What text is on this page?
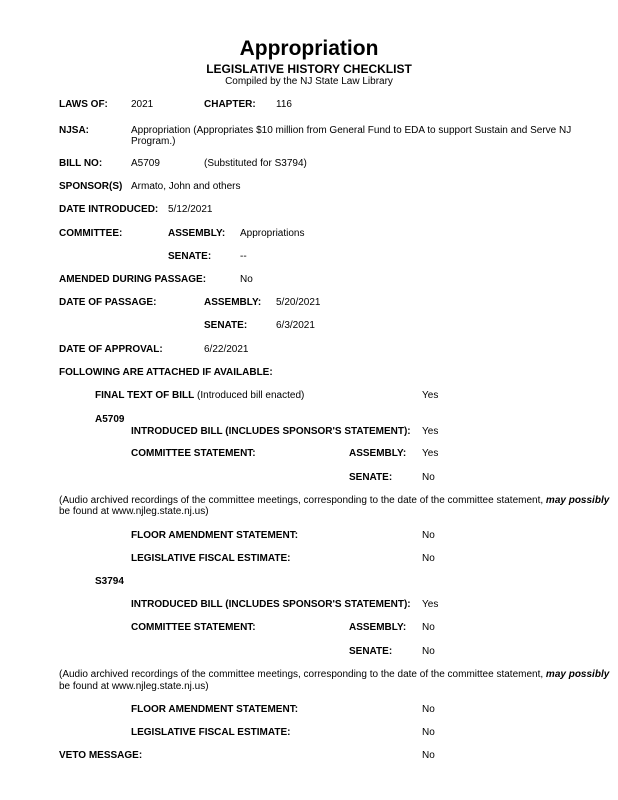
Appropriation
LEGISLATIVE HISTORY CHECKLIST
Compiled by the NJ State Law Library
LAWS OF: 2021	CHAPTER: 116
NJSA:	Appropriation (Appropriates $10 million from General Fund to EDA to support Sustain and Serve NJ
Program.)
BILL NO:	A5709	(Substituted for S3794)
SPONSOR(S) Armato, John and others
DATE INTRODUCED: 5/12/2021
COMMITTEE:	ASSEMBLY: Appropriations
SENATE:	--
AMENDED DURING PASSAGE:	No
DATE OF PASSAGE:	ASSEMBLY: 5/20/2021
SENATE:	6/3/2021
DATE OF APPROVAL:	6/22/2021
FOLLOWING ARE ATTACHED IF AVAILABLE:
FINAL TEXT OF BILL (Introduced bill enacted)	Yes
A5709
INTRODUCED BILL (INCLUDES SPONSOR'S STATEMENT): Yes
COMMITTEE STATEMENT:	ASSEMBLY: Yes
SENATE:	No
(Audio archived recordings of the committee meetings, corresponding to the date of the committee statement, may possibly
be found at www.njleg.state.nj.us)
FLOOR AMENDMENT STATEMENT:	No
LEGISLATIVE FISCAL ESTIMATE:	No
S3794
INTRODUCED BILL (INCLUDES SPONSOR'S STATEMENT): Yes
COMMITTEE STATEMENT:	ASSEMBLY: No
SENATE:	No
(Audio archived recordings of the committee meetings, corresponding to the date of the committee statement, may possibly
be found at www.njleg.state.nj.us)
FLOOR AMENDMENT STATEMENT:	No
LEGISLATIVE FISCAL ESTIMATE:	No
VETO MESSAGE:	No
